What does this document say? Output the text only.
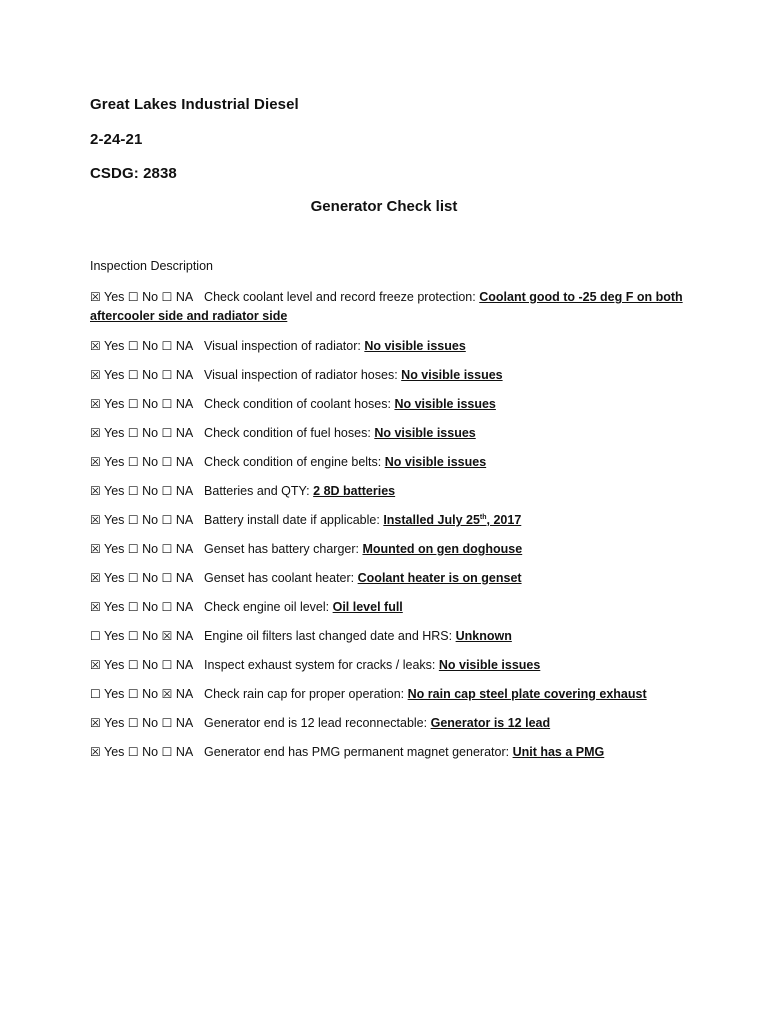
Great Lakes Industrial Diesel
2-24-21
CSDG: 2838
Generator Check list
Inspection Description
☒ Yes ☐ No ☐ NA Check coolant level and record freeze protection: Coolant good to -25 deg F on both aftercooler side and radiator side
☒ Yes ☐ No ☐ NA Visual inspection of radiator: No visible issues
☒ Yes ☐ No ☐ NA Visual inspection of radiator hoses: No visible issues
☒ Yes ☐ No ☐ NA Check condition of coolant hoses: No visible issues
☒ Yes ☐ No ☐ NA Check condition of fuel hoses: No visible issues
☒ Yes ☐ No ☐ NA Check condition of engine belts: No visible issues
☒ Yes ☐ No ☐ NA Batteries and QTY: 2 8D batteries
☒ Yes ☐ No ☐ NA Battery install date if applicable: Installed July 25th, 2017
☒ Yes ☐ No ☐ NA Genset has battery charger: Mounted on gen doghouse
☒ Yes ☐ No ☐ NA Genset has coolant heater: Coolant heater is on genset
☒ Yes ☐ No ☐ NA Check engine oil level: Oil level full
☐ Yes ☐ No ☒ NA Engine oil filters last changed date and HRS: Unknown
☒ Yes ☐ No ☐ NA Inspect exhaust system for cracks / leaks: No visible issues
☐ Yes ☐ No ☒ NA Check rain cap for proper operation: No rain cap steel plate covering exhaust
☒ Yes ☐ No ☐ NA Generator end is 12 lead reconnectable: Generator is 12 lead
☒ Yes ☐ No ☐ NA Generator end has PMG permanent magnet generator: Unit has a PMG
